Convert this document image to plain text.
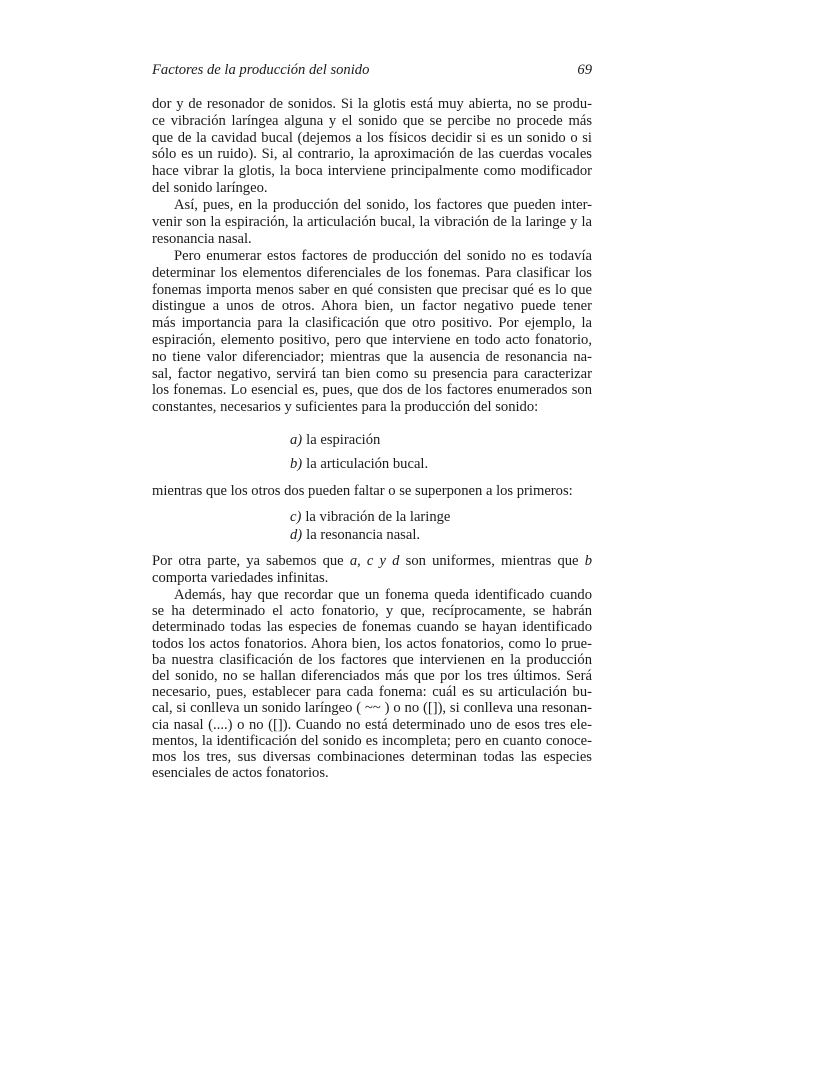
Factores de la producción del sonido	69
dor y de resonador de sonidos. Si la glotis está muy abierta, no se produ-
ce vibración laríngea alguna y el sonido que se percibe no procede más
que de la cavidad bucal (dejemos a los físicos decidir si es un sonido o si
sólo es un ruido). Si, al contrario, la aproximación de las cuerdas vocales
hace vibrar la glotis, la boca interviene principalmente como modificador
del sonido laríngeo.
Así, pues, en la producción del sonido, los factores que pueden inter-
venir son la espiración, la articulación bucal, la vibración de la laringe y la
resonancia nasal.
Pero enumerar estos factores de producción del sonido no es todavía
determinar los elementos diferenciales de los fonemas. Para clasificar los
fonemas importa menos saber en qué consisten que precisar qué es lo que
distingue a unos de otros. Ahora bien, un factor negativo puede tener
más importancia para la clasificación que otro positivo. Por ejemplo, la
espiración, elemento positivo, pero que interviene en todo acto fonatorio,
no tiene valor diferenciador; mientras que la ausencia de resonancia na-
sal, factor negativo, servirá tan bien como su presencia para caracterizar
los fonemas. Lo esencial es, pues, que dos de los factores enumerados son
constantes, necesarios y suficientes para la producción del sonido:
a) la espiración
b) la articulación bucal.
mientras que los otros dos pueden faltar o se superponen a los primeros:
c) la vibración de la laringe
d) la resonancia nasal.
Por otra parte, ya sabemos que a, c y d son uniformes, mientras que b
comporta variedades infinitas.
Además, hay que recordar que un fonema queda identificado cuando
se ha determinado el acto fonatorio, y que, recíprocamente, se habrán
determinado todas las especies de fonemas cuando se hayan identificado
todos los actos fonatorios. Ahora bien, los actos fonatorios, como lo prue-
ba nuestra clasificación de los factores que intervienen en la producción
del sonido, no se hallan diferenciados más que por los tres últimos. Será
necesario, pues, establecer para cada fonema: cuál es su articulación bu-
cal, si conlleva un sonido laríngeo ( ~~ ) o no ([]), si conlleva una resonan-
cia nasal (....) o no ([]). Cuando no está determinado uno de esos tres ele-
mentos, la identificación del sonido es incompleta; pero en cuanto conoce-
mos los tres, sus diversas combinaciones determinan todas las especies
esenciales de actos fonatorios.
